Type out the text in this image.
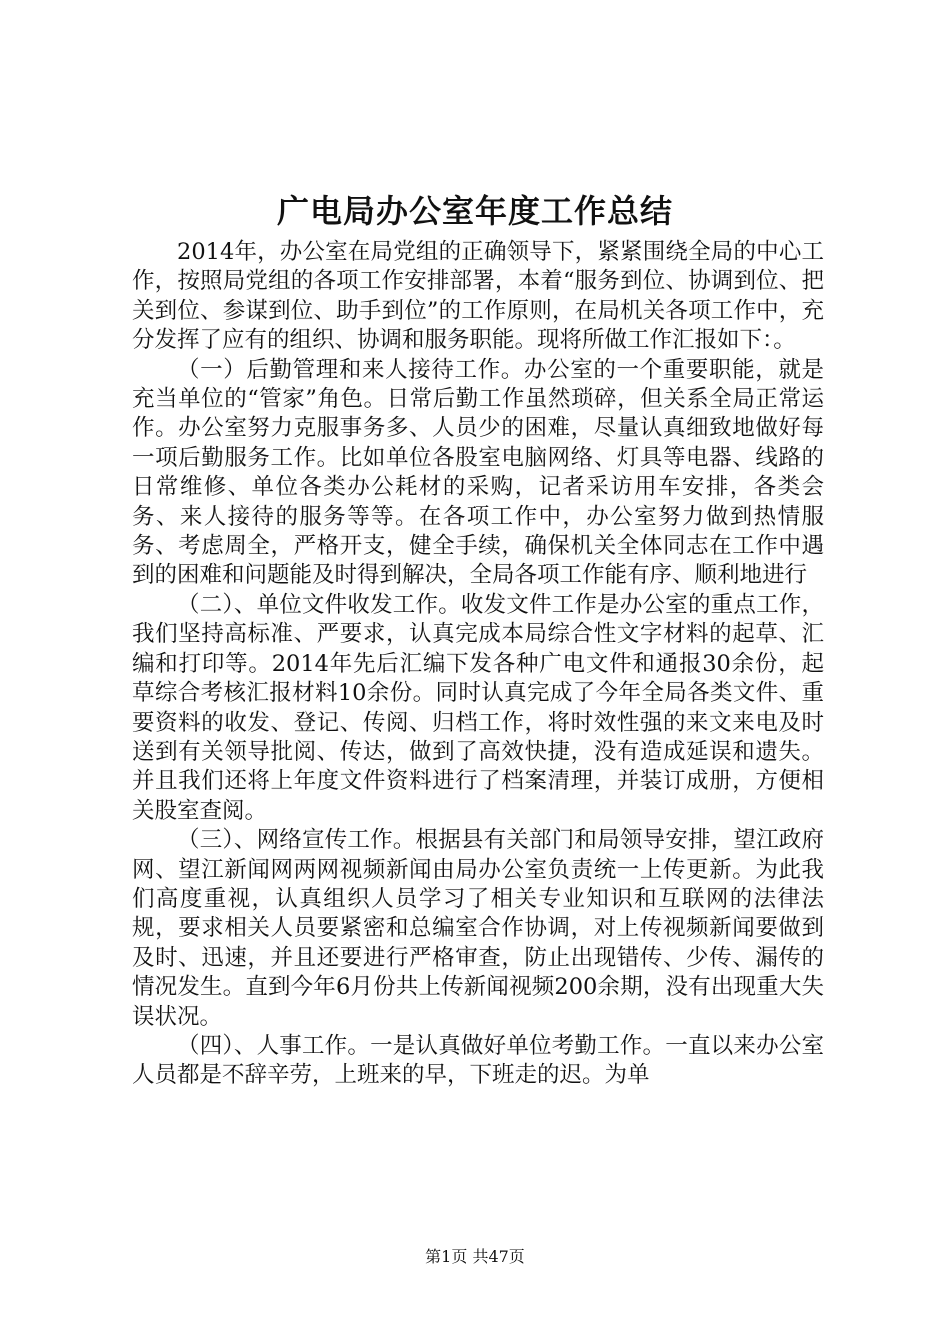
广电局办公室年度工作总结

2014年，办公室在局党组的正确领导下，紧紧围绕全局的中心工作，按照局党组的各项工作安排部署，本着“服务到位、协调到位、把关到位、参谋到位、助手到位”的工作原则，在局机关各项工作中，充分发挥了应有的组织、协调和服务职能。现将所做工作汇报如下：。

（一）后勤管理和来人接待工作。办公室的一个重要职能，就是充当单位的“管家”角色。日常后勤工作虽然琐碎，但关系全局正常运作。办公室努力克服事务多、人员少的困难，尽量认真细致地做好每一项后勤服务工作。比如单位各股室电脑网络、灯具等电器、线路的日常维修、单位各类办公耗材的采购，记者采访用车安排，各类会务、来人接待的服务等等。在各项工作中，办公室努力做到热情服务、考虑周全，严格开支，健全手续，确保机关全体同志在工作中遇到的困难和问题能及时得到解决，全局各项工作能有序、顺利地进行

（二）、单位文件收发工作。收发文件工作是办公室的重点工作，我们坚持高标准、严要求，认真完成本局综合性文字材料的起草、汇编和打印等。2014年先后汇编下发各种广电文件和通报30余份，起草综合考核汇报材料10余份。同时认真完成了今年全局各类文件、重要资料的收发、登记、传阅、归档工作，将时效性强的来文来电及时送到有关领导批阅、传达，做到了高效快捷，没有造成延误和遗失。并且我们还将上年度文件资料进行了档案清理，并装订成册，方便相关股室查阅。

（三）、网络宣传工作。根据县有关部门和局领导安排，望江政府网、望江新闻网两网视频新闻由局办公室负责统一上传更新。为此我们高度重视，认真组织人员学习了相关专业知识和互联网的法律法规，要求相关人员要紧密和总编室合作协调，对上传视频新闻要做到及时、迅速，并且还要进行严格审查，防止出现错传、少传、漏传的情况发生。直到今年6月份共上传新闻视频200余期，没有出现重大失误状况。

（四）、人事工作。一是认真做好单位考勤工作。一直以来办公室人员都是不辞辛劳，上班来的早，下班走的迟。为单

第1页 共47页
